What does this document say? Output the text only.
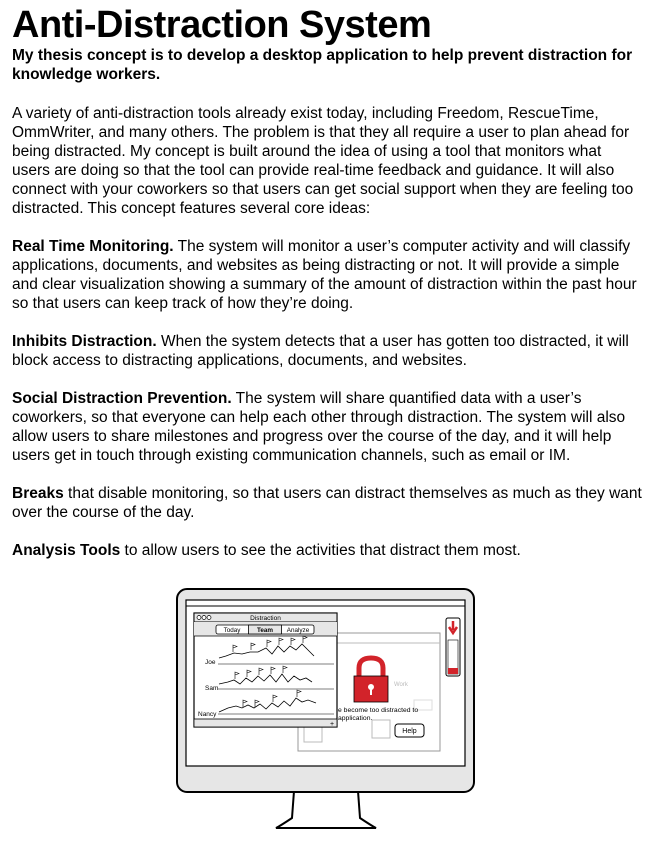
Anti-Distraction System
My thesis concept is to develop a desktop application to help prevent distraction for knowledge workers.

A variety of anti-distraction tools already exist today, including Freedom, RescueTime, OmmWriter, and many others. The problem is that they all require a user to plan ahead for being distracted. My concept is built around the idea of using a tool that monitors what users are doing so that the tool can provide real-time feedback and guidance. It will also connect with your coworkers so that users can get social support when they are feeling too distracted. This concept features several core ideas:

Real Time Monitoring. The system will monitor a user’s computer activity and will classify applications, documents, and websites as being distracting or not. It will provide a simple and clear visualization showing a summary of the amount of distraction within the past hour so that users can keep track of how they’re doing.

Inhibits Distraction. When the system detects that a user has gotten too distracted, it will block access to distracting applications, documents, and websites.

Social Distraction Prevention. The system will share quantified data with a user’s coworkers, so that everyone can help each other through distraction. The system will also allow users to share milestones and progress over the course of the day, and it will help users get in touch through existing communication channels, such as email or IM.

Breaks that disable monitoring, so that users can distract themselves as much as they want over the course of the day.

Analysis Tools to allow users to see the activities that distract them most.

Work
e become too distracted to
application.
Help
Distraction
Today	Team Analyze
Joe
Sam
Nancy
+
